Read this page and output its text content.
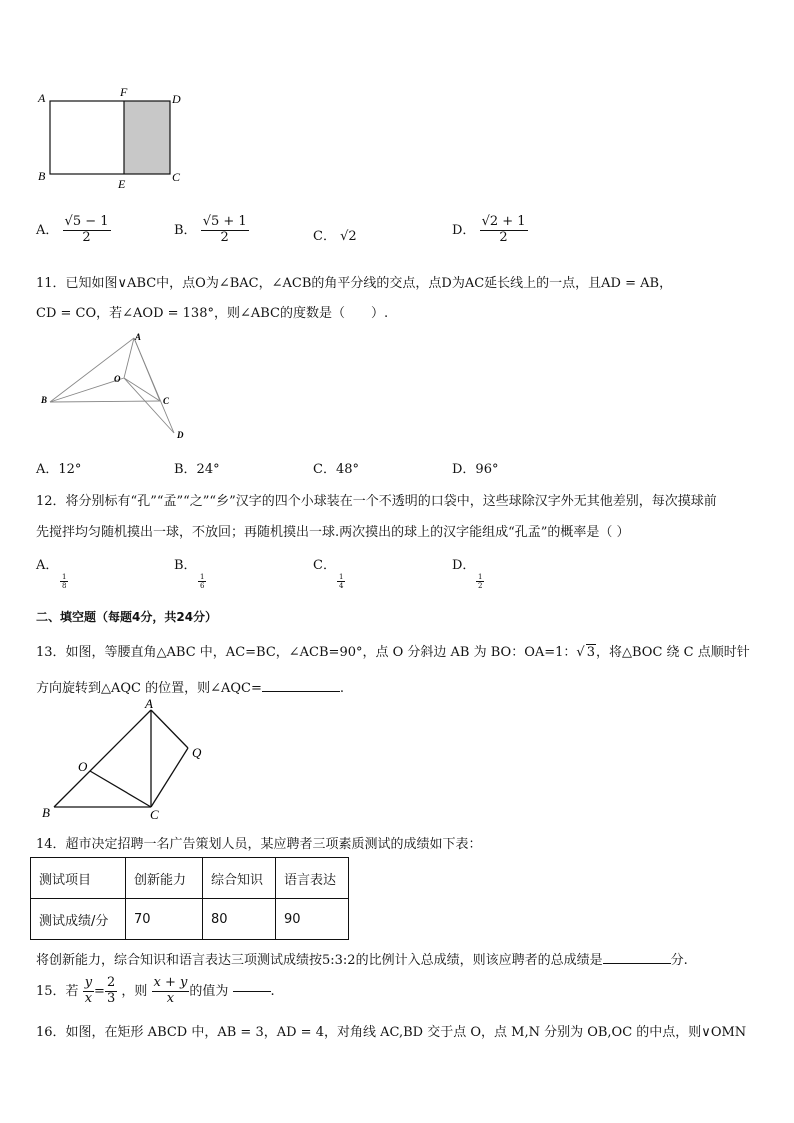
A	F	D
B
E	C
A． $\frac{√5 - 1}{2}$	B． $\frac{√5 + 1}{2}$	C． √2	D． $\frac{√2 + 1}{2}$
11．已知如图∨ABC中，点O为∠BAC，∠ACB的角平分线的交点，点D为AC延长线上的一点，且AD = AB，
CD = CO，若∠AOD = 138°，则∠ABC的度数是（　　）.
A
O
B	C
D
A．12°	B．24°	C．48°	D．96°
12．将分别标有“孔”“孟”“之”“乡”汉字的四个小球装在一个不透明的口袋中，这些球除汉字外无其他差别，每次摸球前
先搅拌均匀随机摸出一球，不放回；再随机摸出一球.两次摸出的球上的汉字能组成“孔孟”的概率是（ ）
A．

$\frac{1}{8}$
B．

$\frac{1}{6}$
C．

$\frac{1}{4}$
D．

$\frac{1}{2}$
二、填空题（每题4分，共24分）
13．如图，等腰直角△ABC 中，AC=BC，∠ACB=90°，点 O 分斜边 AB 为 BO：OA=1：√ 3，将△BOC 绕 C 点顺时针
方向旋转到△AQC 的位置，则∠AQC=	.
A
O
Q
B	C
14．超市决定招聘一名广告策划人员，某应聘者三项素质测试的成绩如下表：
测试项目	创新能力	综合知识	语言表达
测试成绩/分	70	80	90
将创新能力，综合知识和语言表达三项测试成绩按5:3:2的比例计入总成绩，则该应聘者的总成绩是	分.
15．若 $\frac{y}{x} = \frac{2}{3}$ ，则 $\frac{x + y}{x}$ 的值为	.
16．如图，在矩形 ABCD 中，AB = 3，AD = 4，对角线 AC,BD 交于点 O，点 M,N 分别为 OB,OC 的中点，则∨OMN
